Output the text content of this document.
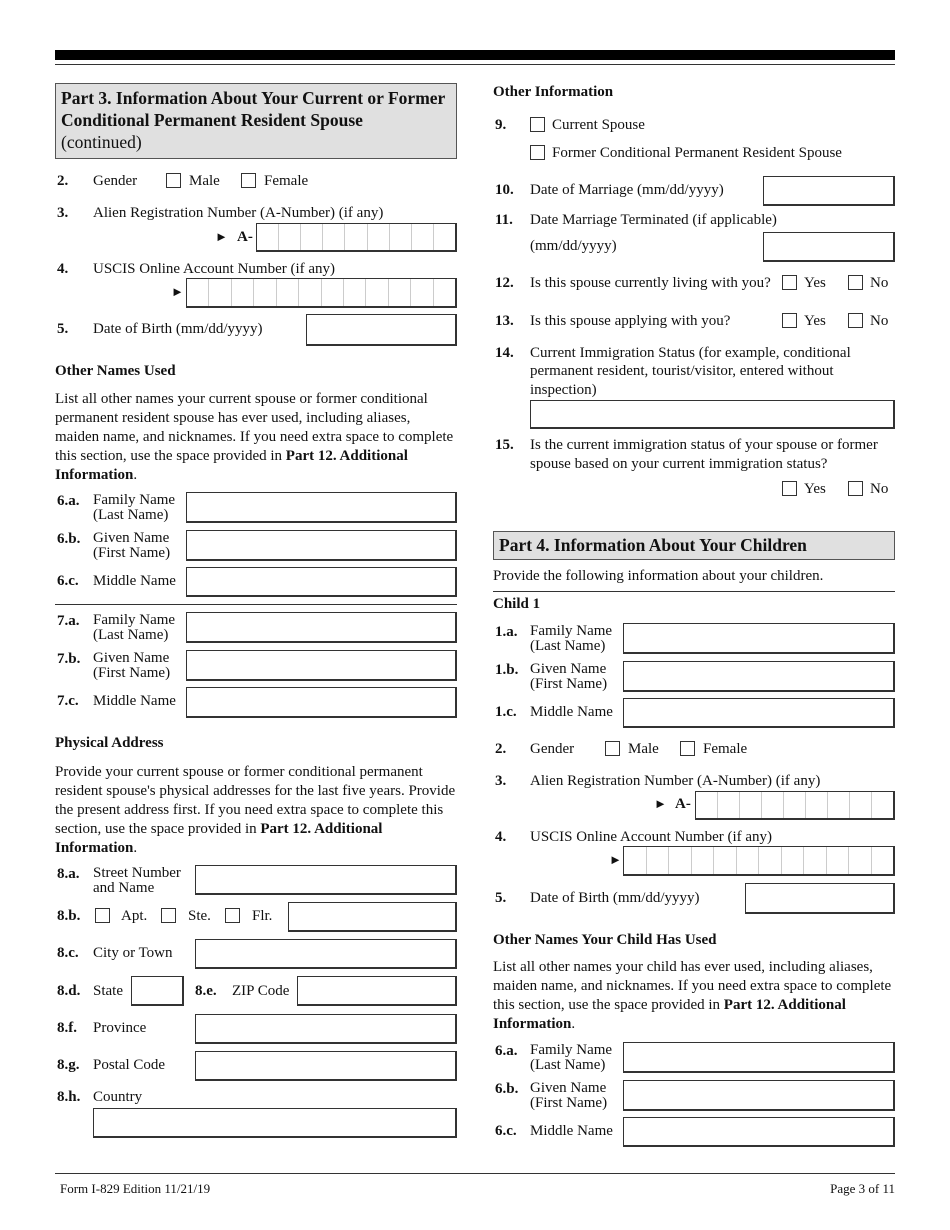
Part 3. Information About Your Current or Former Conditional Permanent Resident Spouse
(continued)
2. Gender	Male	Female
3. Alien Registration Number (A-Number) (if any)
► A-
4. USCIS Online Account Number (if any)
►
5. Date of Birth (mm/dd/yyyy)
Other Names Used
List all other names your current spouse or former conditional permanent resident spouse has ever used, including aliases, maiden name, and nicknames. If you need extra space to complete this section, use the space provided in Part 12. Additional Information.
6.a. Family Name
(Last Name)
6.b. Given Name
(First Name)
6.c. Middle Name
7.a. Family Name
(Last Name)
7.b. Given Name
(First Name)
7.c. Middle Name
Physical Address
Provide your current spouse or former conditional permanent resident spouse's physical addresses for the last five years. Provide the present address first. If you need extra space to complete this section, use the space provided in Part 12. Additional Information.
8.a. Street Number
and Name
8.b.	Apt.	Ste.	Flr.
8.c. City or Town
8.d. State	8.e. ZIP Code
8.f. Province
8.g. Postal Code
8.h. Country
Other Information
9.	Current Spouse
Former Conditional Permanent Resident Spouse
10. Date of Marriage (mm/dd/yyyy)
11. Date Marriage Terminated (if applicable)
(mm/dd/yyyy)
12. Is this spouse currently living with you? Yes	No
13. Is this spouse applying with you?	Yes	No
14. Current Immigration Status (for example, conditional
permanent resident, tourist/visitor, entered without
inspection)
15. Is the current immigration status of your spouse or former
spouse based on your current immigration status?
Yes	No
Part 4. Information About Your Children
Provide the following information about your children.
Child 1
1.a. Family Name
(Last Name)
1.b. Given Name
(First Name)
1.c. Middle Name
2. Gender	Male	Female
3. Alien Registration Number (A-Number) (if any)
► A-
4. USCIS Online Account Number (if any)
►
5. Date of Birth (mm/dd/yyyy)
Other Names Your Child Has Used
List all other names your child has ever used, including aliases, maiden name, and nicknames. If you need extra space to complete this section, use the space provided in Part 12. Additional Information.
6.a. Family Name
(Last Name)
6.b. Given Name
(First Name)
6.c. Middle Name
Form I-829 Edition 11/21/19	Page 3 of 11
